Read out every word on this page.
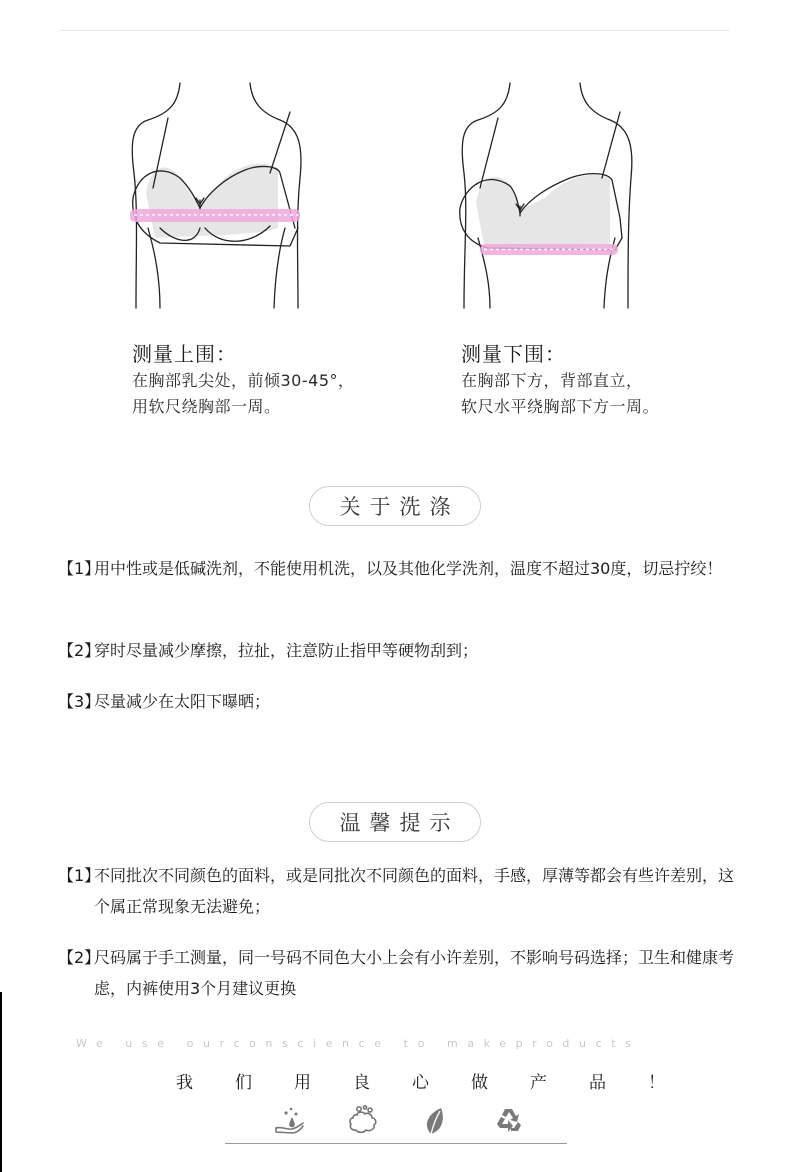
测量上围：
在胸部乳尖处，前倾30-45°，
用软尺绕胸部一周。
测量下围：
在胸部下方，背部直立，
软尺水平绕胸部下方一周。
关于洗涤
【1】
用中性或是低碱洗剂，不能使用机洗，以及其他化学洗剂，温度不超过30度，切忌拧绞！
【2】
穿时尽量减少摩擦，拉扯，注意防止指甲等硬物刮到；
【3】
尽量减少在太阳下曝晒；
温馨提示
【1】
不同批次不同颜色的面料，或是同批次不同颜色的面料，手感，厚薄等都会有些许差别，这个属正常现象无法避免；
【2】
尺码属于手工测量，同一号码不同色大小上会有小许差别，不影响号码选择；卫生和健康考虑，内裤使用3个月建议更换
We use ourconscience to makeproducts
我们用良心做产品！
